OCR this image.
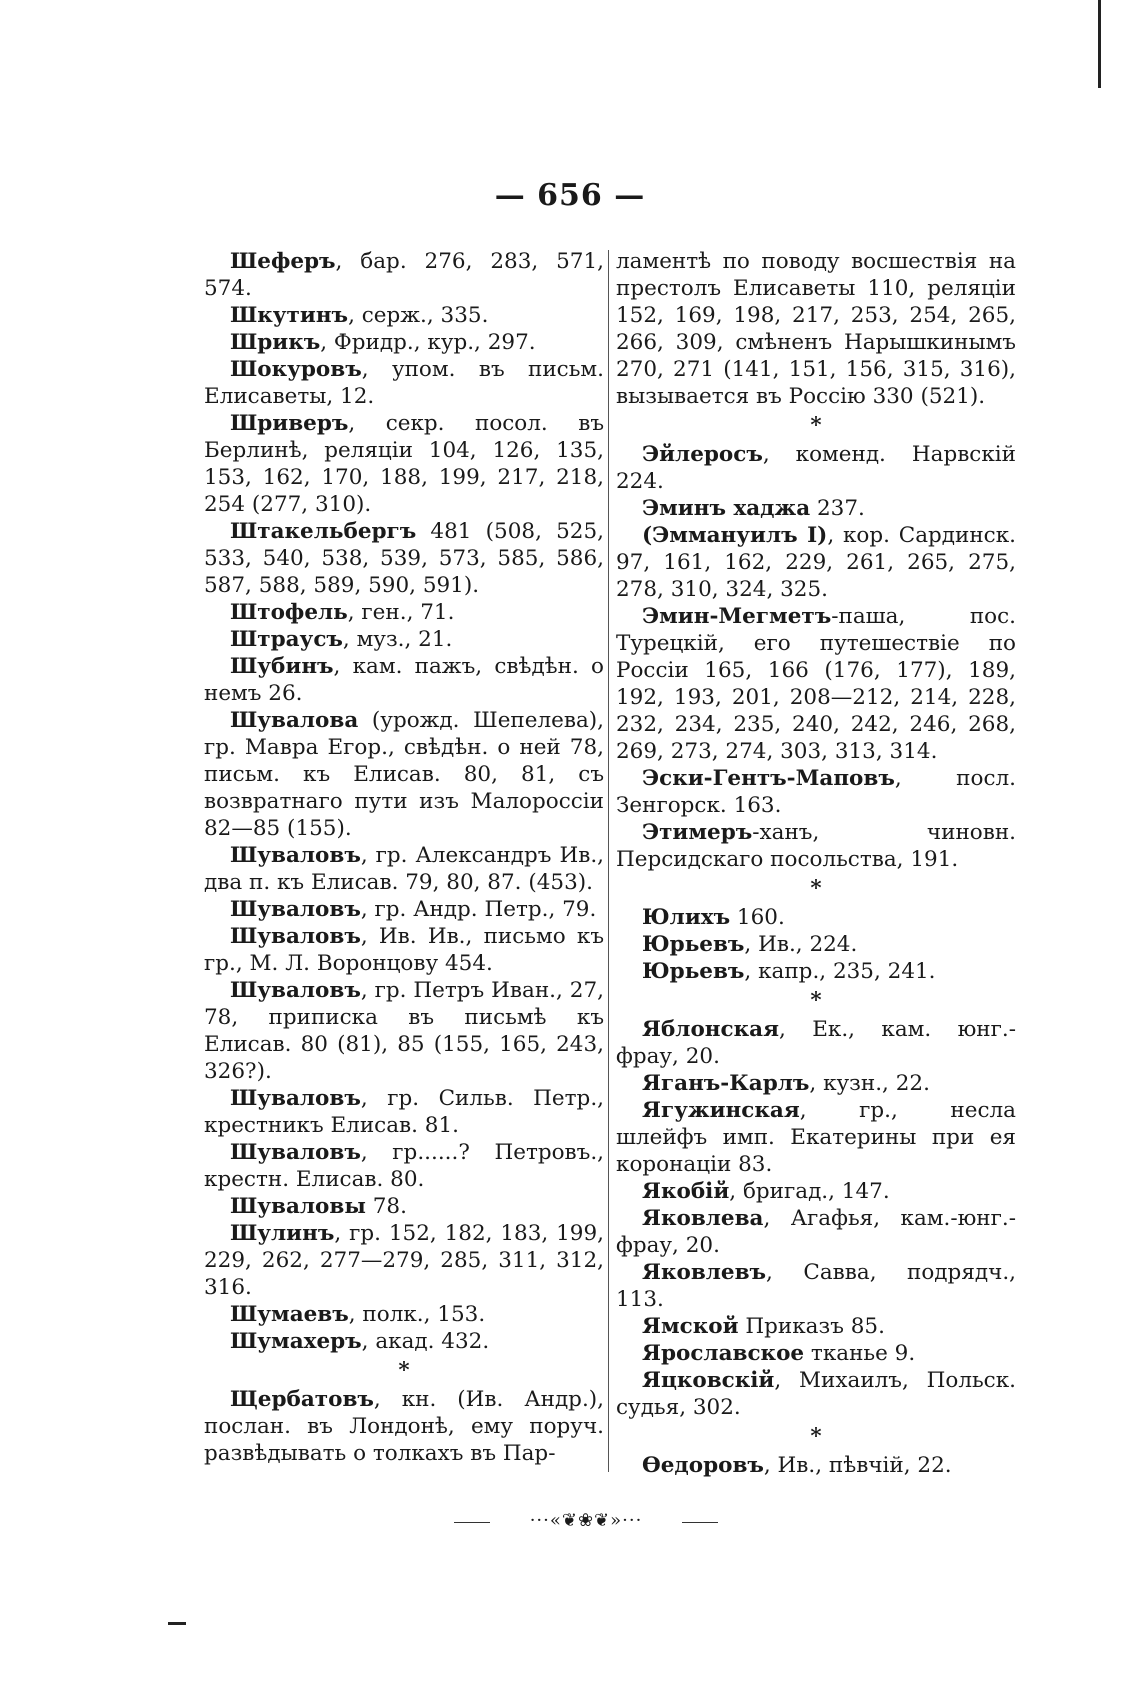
— 656 —
Шеферъ, бар. 276, 283, 571, 574.
Шкутинъ, серж., 335.
Шрикъ, Фридр., кур., 297.
Шокуровъ, упом. въ письм. Елисаветы, 12.
Шриверъ, секр. посол. въ Берлинѣ, реляціи 104, 126, 135, 153, 162, 170, 188, 199, 217, 218, 254 (277, 310).
Штакельбергъ 481 (508, 525, 533, 540, 538, 539, 573, 585, 586, 587, 588, 589, 590, 591).
Штофель, ген., 71.
Штраусъ, муз., 21.
Шубинъ, кам. пажъ, свѣдѣн. о немъ 26.
Шувалова (урожд. Шепелева), гр. Мавра Егор., свѣдѣн. о ней 78, письм. къ Елисав. 80, 81, съ возвратнаго пути изъ Малороссіи 82—85 (155).
Шуваловъ, гр. Александръ Ив., два п. къ Елисав. 79, 80, 87. (453).
Шуваловъ, гр. Андр. Петр., 79.
Шуваловъ, Ив. Ив., письмо къ гр., М. Л. Воронцову 454.
Шуваловъ, гр. Петръ Иван., 27, 78, приписка въ письмѣ къ Елисав. 80 (81), 85 (155, 165, 243, 326?).
Шуваловъ, гр. Сильв. Петр., крестникъ Елисав. 81.
Шуваловъ, гр......? Петровъ., крестн. Елисав. 80.
Шуваловы 78.
Шулинъ, гр. 152, 182, 183, 199, 229, 262, 277—279, 285, 311, 312, 316.
Шумаевъ, полк., 153.
Шумахеръ, акад. 432.
*
Щербатовъ, кн. (Ив. Андр.), послан. въ Лондонѣ, ему поруч. развѣдывать о толкахъ въ Пар-
ламентѣ по поводу восшествія на престолъ Елисаветы 110, реляціи 152, 169, 198, 217, 253, 254, 265, 266, 309, смѣненъ Нарышкинымъ 270, 271 (141, 151, 156, 315, 316), вызывается въ Россію 330 (521).
*
Эйлеросъ, коменд. Нарвскій 224.
Эминъ хаджа 237.
(Эммануилъ I), кор. Сардинск. 97, 161, 162, 229, 261, 265, 275, 278, 310, 324, 325.
Эмин-Мегметъ-паша, пос. Турецкій, его путешествіе по Россіи 165, 166 (176, 177), 189, 192, 193, 201, 208—212, 214, 228, 232, 234, 235, 240, 242, 246, 268, 269, 273, 274, 303, 313, 314.
Эски-Гентъ-Маповъ, посл. Зенгорск. 163.
Этимеръ-ханъ, чиновн. Персидскаго посольства, 191.
*
Юлихъ 160.
Юрьевъ, Ив., 224.
Юрьевъ, капр., 235, 241.
*
Яблонская, Ек., кам. юнг.-фрау, 20.
Яганъ-Карлъ, кузн., 22.
Ягужинская, гр., несла шлейфъ имп. Екатерины при ея коронаціи 83.
Якобій, бригад., 147.
Яковлева, Агафья, кам.-юнг.-фрау, 20.
Яковлевъ, Савва, подрядч., 113.
Ямской Приказъ 85.
Ярославское тканье 9.
Яцковскій, Михаилъ, Польск. судья, 302.
*
Өедоровъ, Ив., пѣвчій, 22.
···«❦❀❦»···
